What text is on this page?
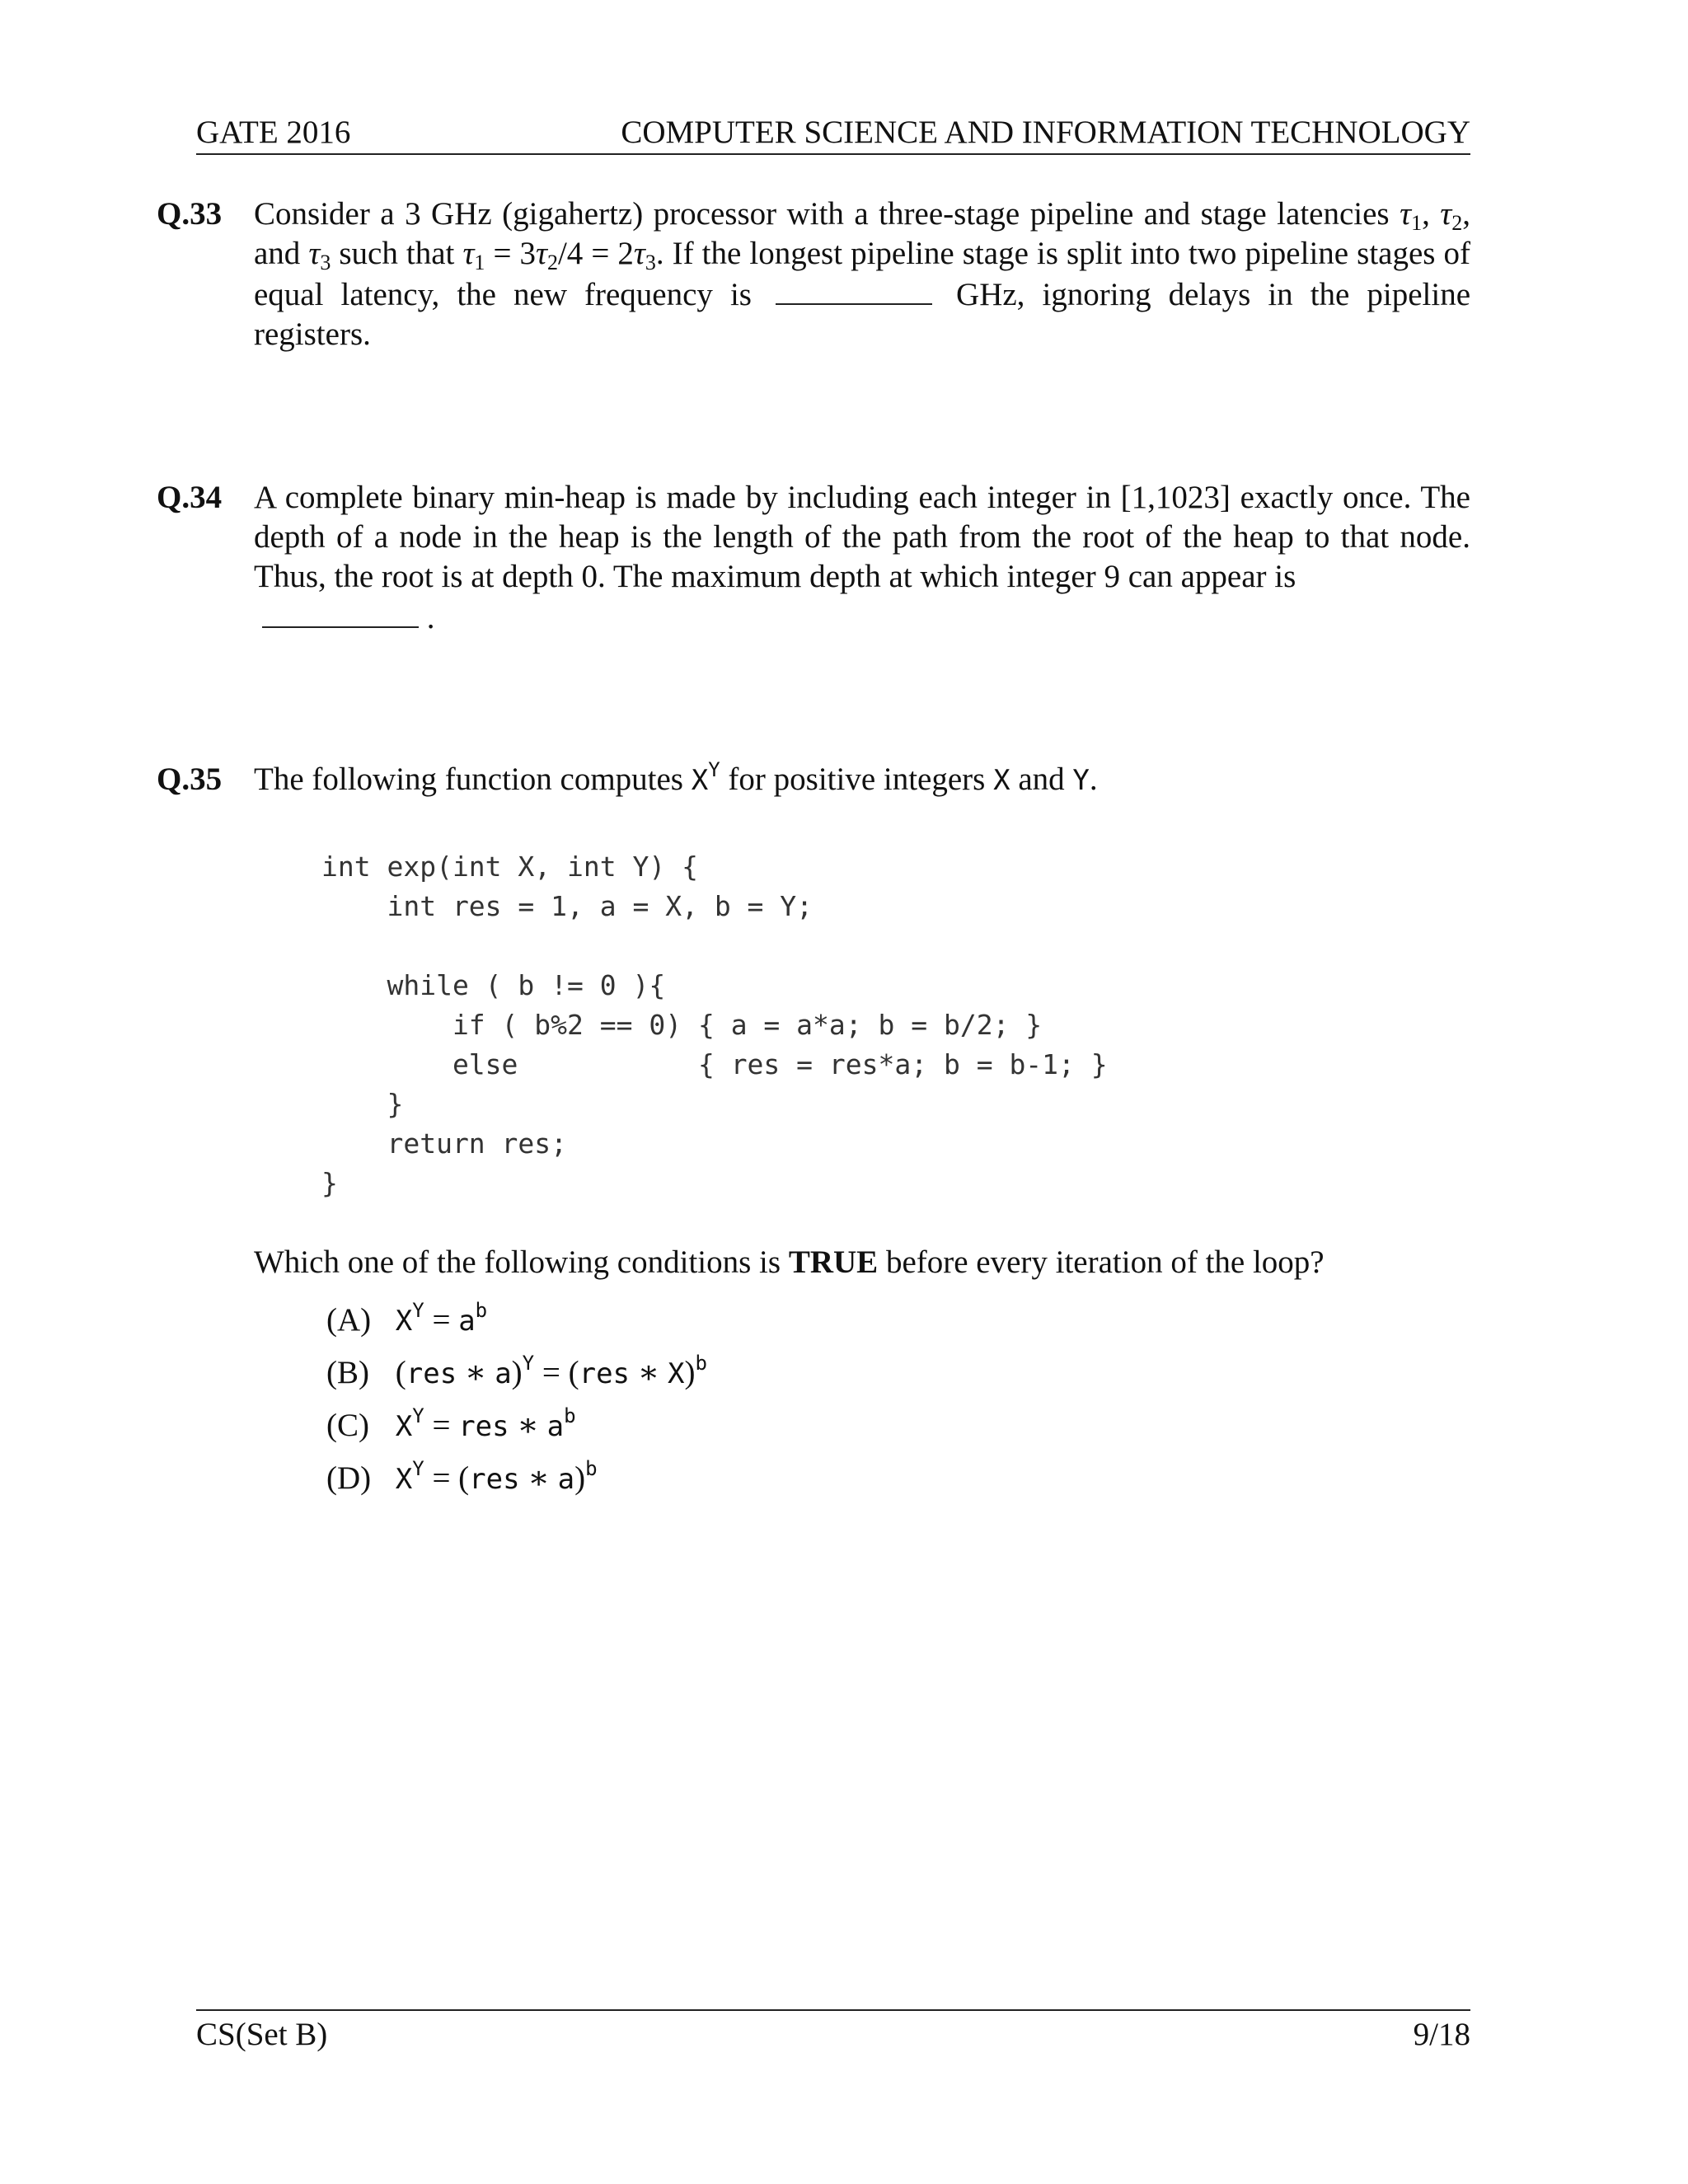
GATE 2016	COMPUTER SCIENCE AND INFORMATION TECHNOLOGY
Q.33 Consider a 3 GHz (gigahertz) processor with a three-stage pipeline and stage latencies $\tau_1$, $\tau_2$, and $\tau_3$ such that $\tau_1 = 3\tau_2/4 = 2\tau_3$. If the longest pipeline stage is split into two pipeline stages of equal latency, the new frequency is	GHz, ignoring delays in the pipeline registers.
Q.34 A complete binary min-heap is made by including each integer in [1,1023] exactly once. The depth of a node in the heap is the length of the path from the root of the heap to that node. Thus, the root is at depth 0. The maximum depth at which integer 9 can appear is
.
Q.35 The following function computes $X^Y$ for positive integers X and Y.
int exp(int X, int Y) {
int res = 1, a = X, b = Y;
while ( b != 0 ){
if ( b%2 == 0) { a = a*a; b = b/2; }
else           { res = res*a; b = b-1; }
}
return res;
}
Which one of the following conditions is TRUE before every iteration of the loop?
(A) $X^Y = a^b$
(B) (res ∗ a)$^Y$ = (res ∗ X)$^b$
(C) $X^Y$ = res ∗ $a^b$
(D) $X^Y = (res$ ∗ a)$^b$
CS(Set B)	9/18
